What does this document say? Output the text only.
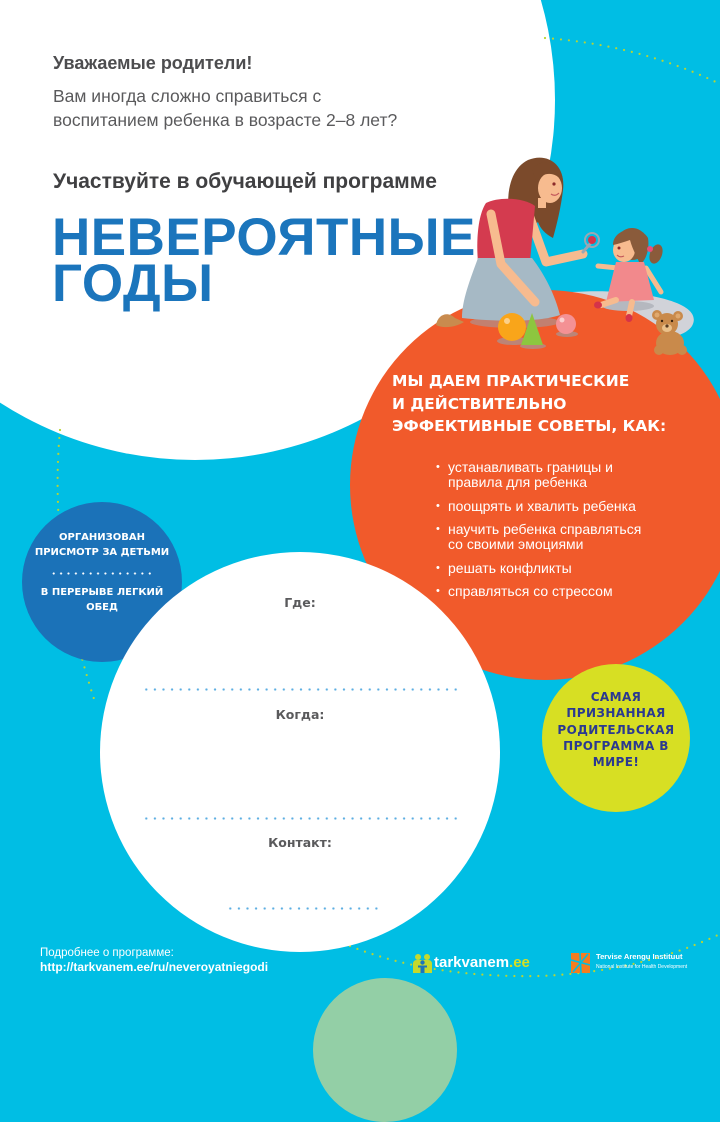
Уважаемые родители!
Вам иногда сложно справиться с
воспитанием ребенка в возрасте 2–8 лет?
Участвуйте в обучающей программе
НЕВЕРОЯТНЫЕ
ГОДЫ
МЫ ДАЕМ ПРАКТИЧЕСКИЕ
И ДЕЙСТВИТЕЛЬНО
ЭФФЕКТИВНЫЕ СОВЕТЫ, КАК:
• устанавливать границы и
правила для ребенка
• поощрять и хвалить ребенка
• научить ребенка справляться
со своими эмоциями
• решать конфликты
• справляться со стрессом
ОРГАНИЗОВАН
ПРИСМОТР ЗА ДЕТЬМИ
В ПЕРЕРЫВЕ ЛЕГКИЙ
ОБЕД	Где:
Когда:
Контакт:
САМАЯ
ПРИЗНАННАЯ
РОДИТЕЛЬСКАЯ
ПРОГРАММА В
МИРЕ!
Подробнее о программе:
http://tarkvanem.ee/ru/neveroyatniegodi	tarkvanem.ee	Tervise Arengu Instituut
National Institute for Health Development
